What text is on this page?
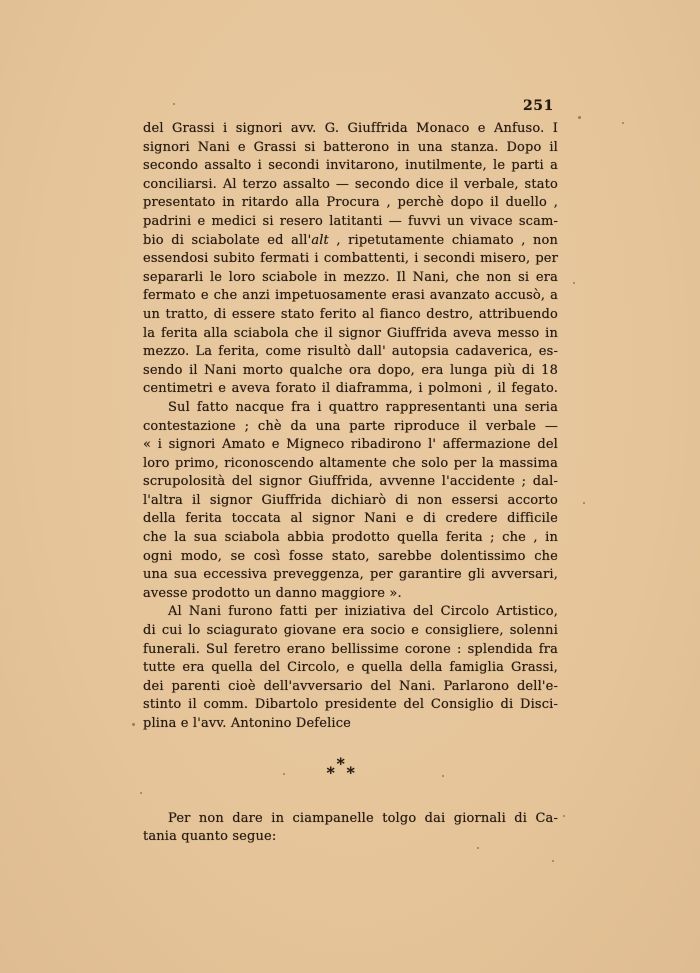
251
del Grassi i signori avv. G. Giuffrida Monaco e Anfuso. I
signori Nani e Grassi si batterono in una stanza. Dopo il
secondo assalto i secondi invitarono, inutilmente, le parti a
conciliarsi. Al terzo assalto — secondo dice il verbale, stato
presentato in ritardo alla Procura , perchè dopo il duello ,
padrini e medici si resero latitanti — fuvvi un vivace scam-
bio di sciabolate ed all'alt , ripetutamente chiamato , non
essendosi subito fermati i combattenti, i secondi misero, per
separarli le loro sciabole in mezzo. Il Nani, che non si era
fermato e che anzi impetuosamente erasi avanzato accusò, a
un tratto, di essere stato ferito al fianco destro, attribuendo
la ferita alla sciabola che il signor Giuffrida aveva messo in
mezzo. La ferita, come risultò dall' autopsia cadaverica, es-
sendo il Nani morto qualche ora dopo, era lunga più di 18
centimetri e aveva forato il diaframma, i polmoni , il fegato.
Sul fatto nacque fra i quattro rappresentanti una seria
contestazione ; chè da una parte riproduce il verbale —
« i signori Amato e Migneco ribadirono l' affermazione del
loro primo, riconoscendo altamente che solo per la massima
scrupolosità del signor Giuffrida, avvenne l'accidente ; dal-
l'altra il signor Giuffrida dichiarò di non essersi accorto
della ferita toccata al signor Nani e di credere difficile
che la sua sciabola abbia prodotto quella ferita ; che , in
ogni modo, se così fosse stato, sarebbe dolentissimo che
una sua eccessiva preveggenza, per garantire gli avversari,
avesse prodotto un danno maggiore ».
Al Nani furono fatti per iniziativa del Circolo Artistico,
di cui lo sciagurato giovane era socio e consigliere, solenni
funerali. Sul feretro erano bellissime corone : splendida fra
tutte era quella del Circolo, e quella della famiglia Grassi,
dei parenti cioè dell'avversario del Nani. Parlarono dell'e-
stinto il comm. Dibartolo presidente del Consiglio di Disci-
plina e l'avv. Antonino Defelice
*
* *
Per non dare in ciampanelle tolgo dai giornali di Ca-
tania quanto segue:
